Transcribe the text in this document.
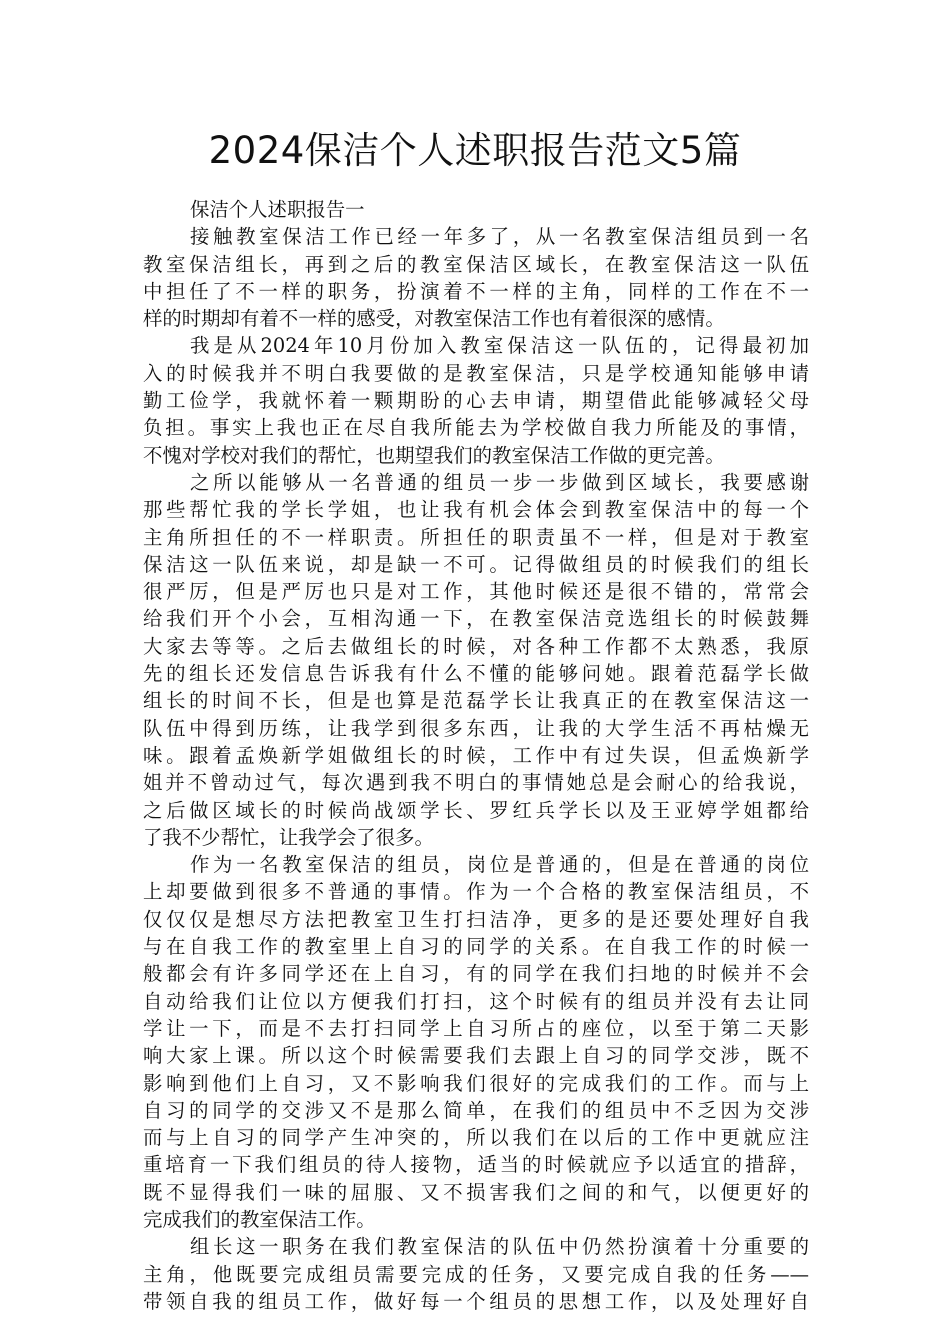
2024保洁个人述职报告范文5篇

保洁个人述职报告一

接触教室保洁工作已经一年多了，从一名教室保洁组员到一名
教室保洁组长，再到之后的教室保洁区域长，在教室保洁这一队伍
中担任了不一样的职务，扮演着不一样的主角，同样的工作在不一
样的时期却有着不一样的感受，对教室保洁工作也有着很深的感情。

我是从2024年10月份加入教室保洁这一队伍的，记得最初加
入的时候我并不明白我要做的是教室保洁，只是学校通知能够申请
勤工俭学，我就怀着一颗期盼的心去申请，期望借此能够减轻父母
负担。事实上我也正在尽自我所能去为学校做自我力所能及的事情，
不愧对学校对我们的帮忙，也期望我们的教室保洁工作做的更完善。

之所以能够从一名普通的组员一步一步做到区域长，我要感谢
那些帮忙我的学长学姐，也让我有机会体会到教室保洁中的每一个
主角所担任的不一样职责。所担任的职责虽不一样，但是对于教室
保洁这一队伍来说，却是缺一不可。记得做组员的时候我们的组长
很严厉，但是严厉也只是对工作，其他时候还是很不错的，常常会
给我们开个小会，互相沟通一下，在教室保洁竞选组长的时候鼓舞
大家去等等。之后去做组长的时候，对各种工作都不太熟悉，我原
先的组长还发信息告诉我有什么不懂的能够问她。跟着范磊学长做
组长的时间不长，但是也算是范磊学长让我真正的在教室保洁这一
队伍中得到历练，让我学到很多东西，让我的大学生活不再枯燥无
味。跟着孟焕新学姐做组长的时候，工作中有过失误，但孟焕新学
姐并不曾动过气，每次遇到我不明白的事情她总是会耐心的给我说，
之后做区域长的时候尚战颂学长、罗红兵学长以及王亚婷学姐都给
了我不少帮忙，让我学会了很多。

作为一名教室保洁的组员，岗位是普通的，但是在普通的岗位
上却要做到很多不普通的事情。作为一个合格的教室保洁组员，不
仅仅仅是想尽方法把教室卫生打扫洁净，更多的是还要处理好自我
与在自我工作的教室里上自习的同学的关系。在自我工作的时候一
般都会有许多同学还在上自习，有的同学在我们扫地的时候并不会
自动给我们让位以方便我们打扫，这个时候有的组员并没有去让同
学让一下，而是不去打扫同学上自习所占的座位，以至于第二天影
响大家上课。所以这个时候需要我们去跟上自习的同学交涉，既不
影响到他们上自习，又不影响我们很好的完成我们的工作。而与上
自习的同学的交涉又不是那么简单，在我们的组员中不乏因为交涉
而与上自习的同学产生冲突的，所以我们在以后的工作中更就应注
重培育一下我们组员的待人接物，适当的时候就应予以适宜的措辞，
既不显得我们一味的屈服、又不损害我们之间的和气，以便更好的
完成我们的教室保洁工作。

组长这一职务在我们教室保洁的队伍中仍然扮演着十分重要的
主角，他既要完成组员需要完成的任务，又要完成自我的任务——
带领自我的组员工作，做好每一个组员的思想工作，以及处理好自
